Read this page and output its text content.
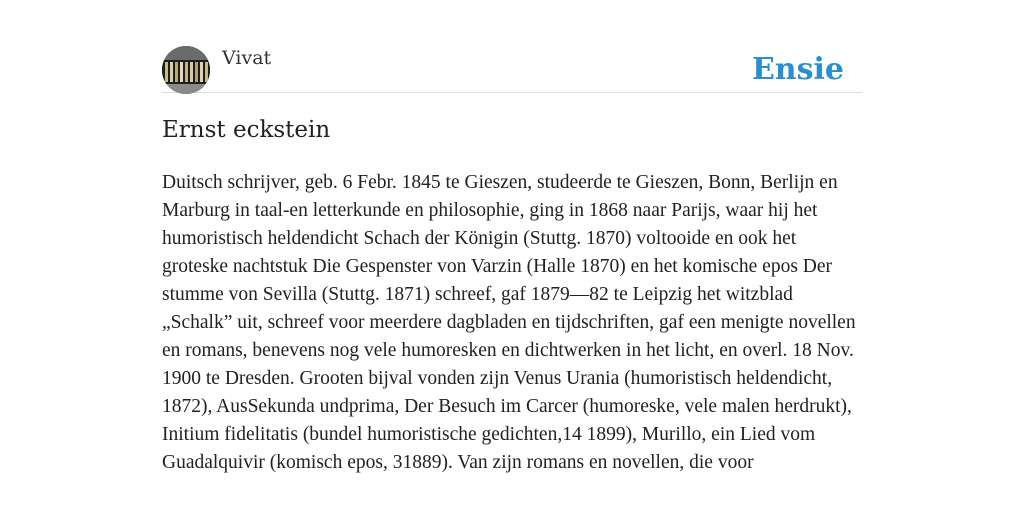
Vivat	Ensie
Ernst eckstein

Duitsch schrijver, geb. 6 Febr. 1845 te Gieszen, studeerde te Gieszen, Bonn, Berlijn en Marburg in taal-en letterkunde en philosophie, ging in 1868 naar Parijs, waar hij het humoristisch heldendicht Schach der Königin (Stuttg. 1870) voltooide en ook het groteske nachtstuk Die Gespenster von Varzin (Halle 1870) en het komische epos Der stumme von Sevilla (Stuttg. 1871) schreef, gaf 1879—82 te Leipzig het witzblad „Schalk” uit, schreef voor meerdere dagbladen en tijdschriften, gaf een menigte novellen en romans, benevens nog vele humoresken en dichtwerken in het licht, en overl. 18 Nov. 1900 te Dresden. Grooten bijval vonden zijn Venus Urania (humoristisch heldendicht, 1872), AusSekunda undprima, Der Besuch im Carcer (humoreske, vele malen herdrukt), Initium fidelitatis (bundel humoristische gedichten,14 1899), Murillo, ein Lied vom Guadalquivir (komisch epos, 31889). Van zijn romans en novellen, die voor
